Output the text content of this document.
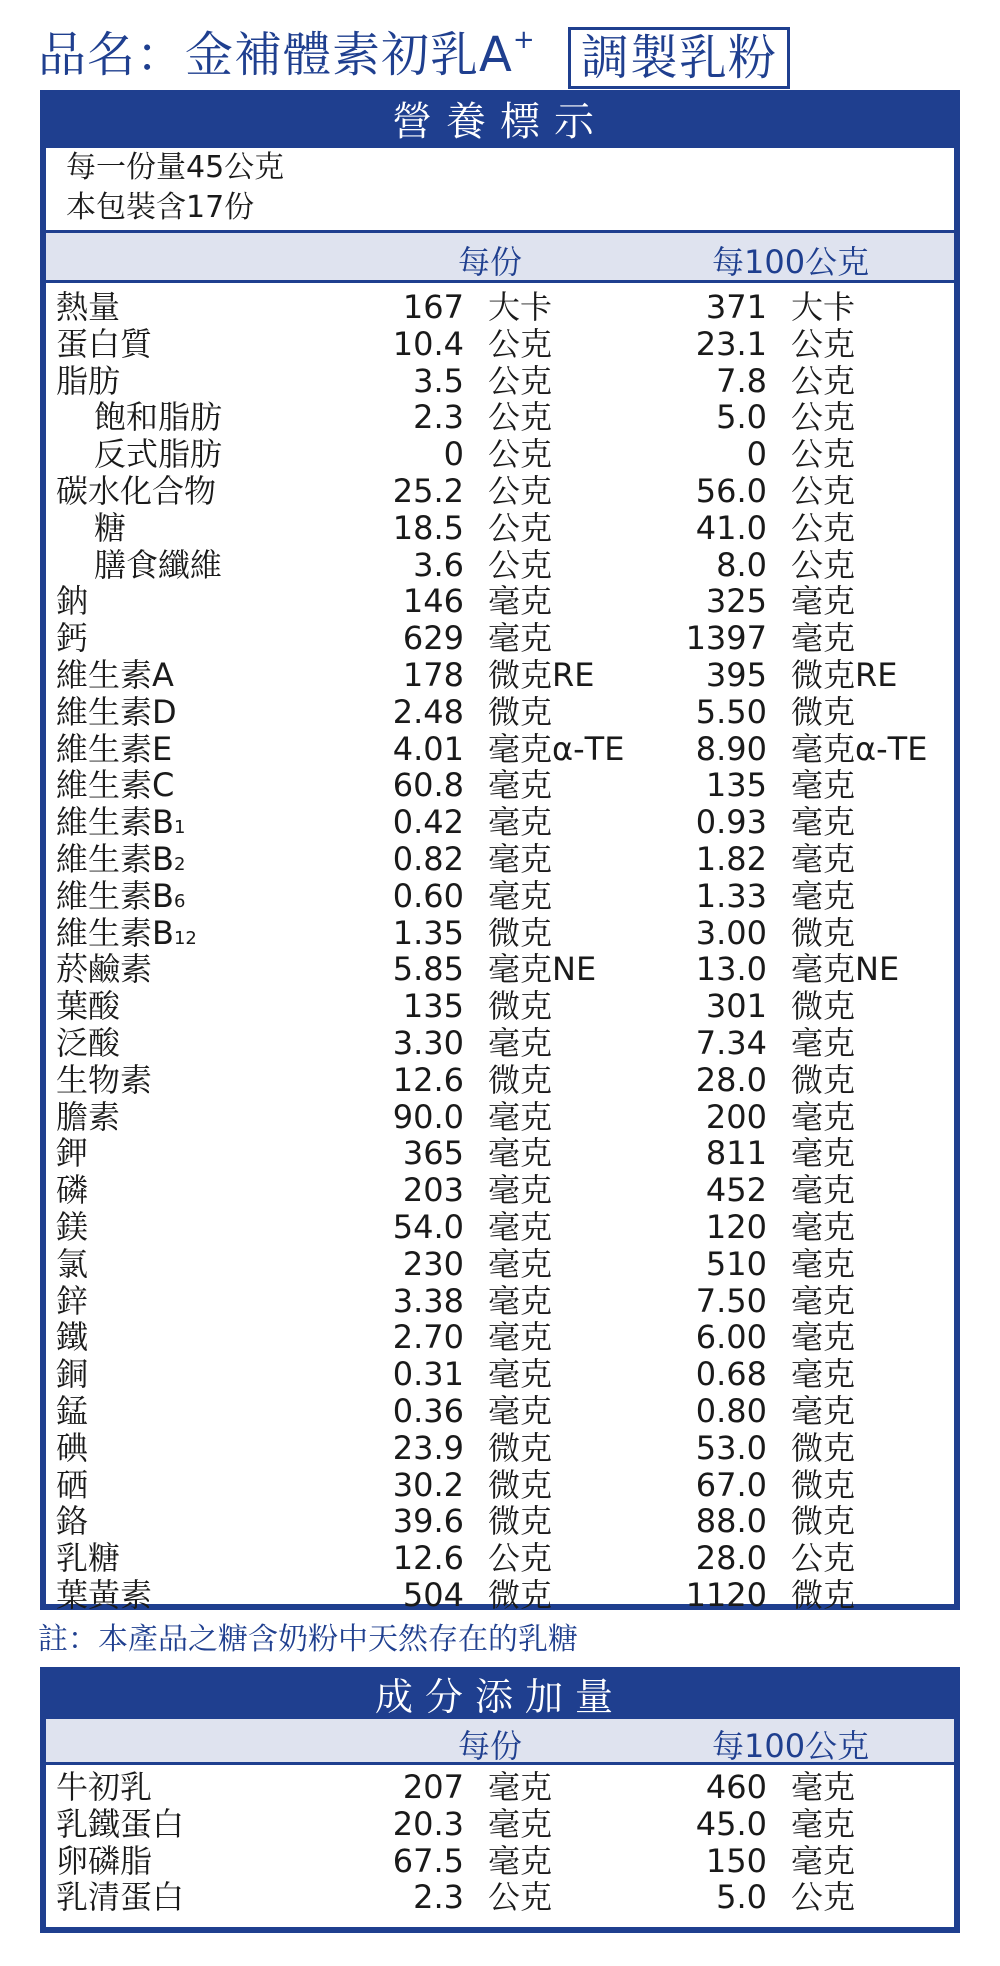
品名：金補體素初乳A+ 調製乳粉
營養標示
每一份量45公克
本包裝含17份
每份	每100公克
熱量	167 大卡	371 大卡
蛋白質	10.4 公克	23.1 公克
脂肪	3.5 公克	7.8 公克
飽和脂肪	2.3 公克	5.0 公克
反式脂肪	0 公克	0 公克
碳水化合物	25.2 公克	56.0 公克
糖	18.5 公克	41.0 公克
膳食纖維	3.6 公克	8.0 公克
鈉	146 毫克	325 毫克
鈣	629 毫克	1397 毫克
維生素A	178 微克RE	395 微克RE
維生素D	2.48 微克	5.50 微克
維生素E	4.01 毫克α-TE 8.90 毫克α-TE
維生素C	60.8 毫克	135 毫克
維生素B1	0.42 毫克	0.93 毫克
維生素B2	0.82 毫克	1.82 毫克
維生素B6	0.60 毫克	1.33 毫克
維生素B12	1.35 微克	3.00 微克
菸鹼素	5.85 毫克NE	13.0 毫克NE
葉酸	135 微克	301 微克
泛酸	3.30 毫克	7.34 毫克
生物素	12.6 微克	28.0 微克
膽素	90.0 毫克	200 毫克
鉀	365 毫克	811 毫克
磷	203 毫克	452 毫克
鎂	54.0 毫克	120 毫克
氯	230 毫克	510 毫克
鋅	3.38 毫克	7.50 毫克
鐵	2.70 毫克	6.00 毫克
銅	0.31 毫克	0.68 毫克
錳	0.36 毫克	0.80 毫克
碘	23.9 微克	53.0 微克
硒	30.2 微克	67.0 微克
鉻	39.6 微克	88.0 微克
乳糖	12.6 公克	28.0 公克
葉黃素	504 微克	1120 微克
註：本產品之糖含奶粉中天然存在的乳糖
成分添加量
每份	每100公克
牛初乳	207 毫克	460 毫克
乳鐵蛋白	20.3 毫克	45.0 毫克
卵磷脂	67.5 毫克	150 毫克
乳清蛋白	2.3 公克	5.0 公克
